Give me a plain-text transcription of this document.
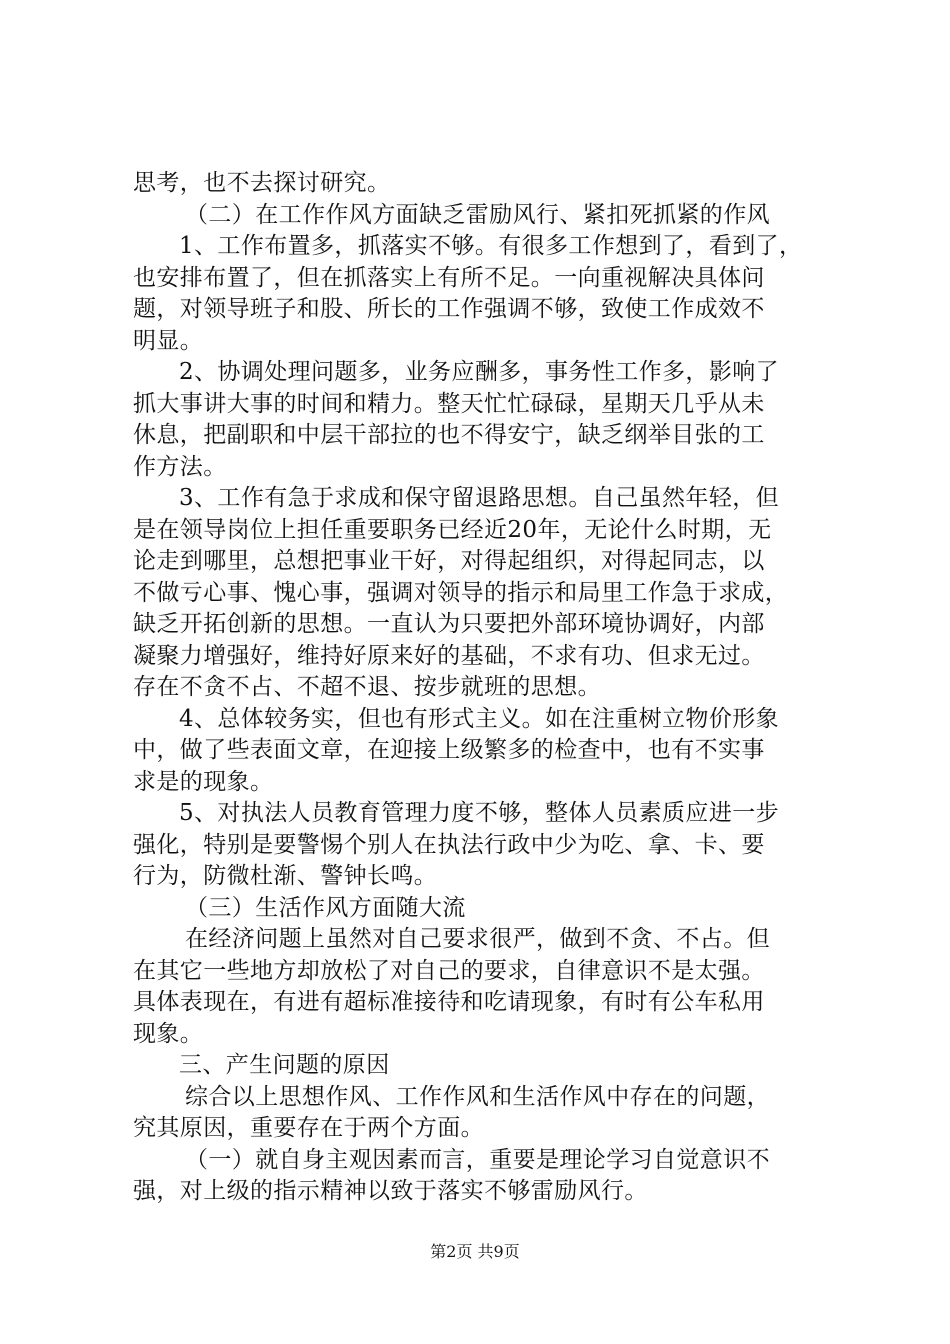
思考，也不去探讨研究。
（二）在工作作风方面缺乏雷励风行、紧扣死抓紧的作风
1、工作布置多，抓落实不够。有很多工作想到了，看到了，
也安排布置了，但在抓落实上有所不足。一向重视解决具体问
题，对领导班子和股、所长的工作强调不够，致使工作成效不
明显。
2、协调处理问题多，业务应酬多，事务性工作多，影响了
抓大事讲大事的时间和精力。整天忙忙碌碌，星期天几乎从未
休息，把副职和中层干部拉的也不得安宁，缺乏纲举目张的工
作方法。
3、工作有急于求成和保守留退路思想。自己虽然年轻，但
是在领导岗位上担任重要职务已经近20年，无论什么时期，无
论走到哪里，总想把事业干好，对得起组织，对得起同志，以
不做亏心事、愧心事，强调对领导的指示和局里工作急于求成，
缺乏开拓创新的思想。一直认为只要把外部环境协调好，内部
凝聚力增强好，维持好原来好的基础，不求有功、但求无过。
存在不贪不占、不超不退、按步就班的思想。
4、总体较务实，但也有形式主义。如在注重树立物价形象
中，做了些表面文章，在迎接上级繁多的检查中，也有不实事
求是的现象。
5、对执法人员教育管理力度不够，整体人员素质应进一步
强化，特别是要警惕个别人在执法行政中少为吃、拿、卡、要
行为，防微杜渐、警钟长鸣。
（三）生活作风方面随大流
在经济问题上虽然对自己要求很严，做到不贪、不占。但
在其它一些地方却放松了对自己的要求，自律意识不是太强。
具体表现在，有进有超标准接待和吃请现象，有时有公车私用
现象。
三、产生问题的原因
综合以上思想作风、工作作风和生活作风中存在的问题，
究其原因，重要存在于两个方面。
（一）就自身主观因素而言，重要是理论学习自觉意识不
强，对上级的指示精神以致于落实不够雷励风行。
第2页 共9页
